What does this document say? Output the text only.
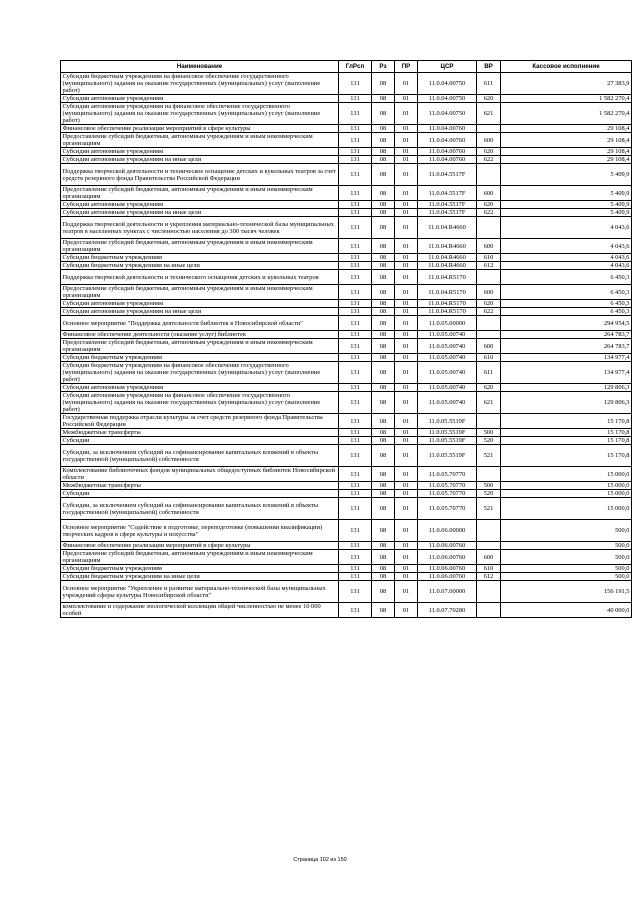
Наименование	ГлРсп	Рз	ПР	ЦСР	ВР	Кассовое исполнение
Субсидии бюджетным учреждениям на финансовое обеспечение государственного (муниципального) задания на оказание государственных (муниципальных) услуг (выполнение работ)	131	08	01	11.0.04.00750	611	27 383,9
Субсидии автономным учреждениям	131	08	01	11.0.04.00750	620	1 582 270,4
Субсидии автономным учреждениям на финансовое обеспечение государственного (муниципального) задания на оказание государственных (муниципальных) услуг (выполнение работ)	131	08	01	11.0.04.00750	621	1 582 270,4
Финансовое обеспечение реализации мероприятий в сфере культуры	131	08	01	11.0.04.00760		29 108,4
Предоставление субсидий бюджетным, автономным учреждениям и иным некоммерческим организациям	131	08	01	11.0.04.00760	600	29 108,4
Субсидии автономным учреждениям	131	08	01	11.0.04.00760	620	29 108,4
Субсидии автономным учреждениям на иные цели	131	08	01	11.0.04.00760	622	29 108,4
Поддержка творческой деятельности и техническое оснащение детских и кукольных театров за счет средств резервного фонда Правительства Российской Федерации	131	08	01	11.0.04.5517F		5 409,9
Предоставление субсидий бюджетным, автономным учреждениям и иным некоммерческим организациям	131	08	01	11.0.04.5517F	600	5 409,9
Субсидии автономным учреждениям	131	08	01	11.0.04.5517F	620	5 409,9
Субсидии автономным учреждениям на иные цели	131	08	01	11.0.04.5517F	622	5 409,9
Поддержка творческой деятельности и укрепления материально-технической базы муниципальных театров в населенных пунктах с численностью населения до 300 тысяч человек	131	08	01	11.0.04.R4660		4 043,6
Предоставление субсидий бюджетным, автономным учреждениям и иным некоммерческим организациям	131	08	01	11.0.04.R4660	600	4 043,6
Субсидии бюджетным учреждениям	131	08	01	11.0.04.R4660	610	4 043,6
Субсидии бюджетным учреждениям на иные цели	131	08	01	11.0.04.R4660	612	4 043,6
Поддержка творческой деятельности и технического оснащения детских и кукольных театров	131	08	01	11.0.04.R5170		6 450,3
Предоставление субсидий бюджетным, автономным учреждениям и иным некоммерческим организациям	131	08	01	11.0.04.R5170	600	6 450,3
Субсидии автономным учреждениям	131	08	01	11.0.04.R5170	620	6 450,3
Субсидии автономным учреждениям на иные цели	131	08	01	11.0.04.R5170	622	6 450,3
Основное мероприятие "Поддержка деятельности библиотек в Новосибирской области"	131	08	01	11.0.05.00000		294 954,5
Финансовое обеспечение деятельности (оказание услуг) библиотек	131	08	01	11.0.05.00740		264 783,7
Предоставление субсидий бюджетным, автономным учреждениям и иным некоммерческим организациям	131	08	01	11.0.05.00740	600	264 783,7
Субсидии бюджетным учреждениям	131	08	01	11.0.05.00740	610	134 977,4
Субсидии бюджетным учреждениям на финансовое обеспечение государственного (муниципального) задания на оказание государственных (муниципальных) услуг (выполнение работ)	131	08	01	11.0.05.00740	611	134 977,4
Субсидии автономным учреждениям	131	08	01	11.0.05.00740	620	129 806,3
Субсидии автономным учреждениям на финансовое обеспечение государственного (муниципального) задания на оказание государственных (муниципальных) услуг (выполнение работ)	131	08	01	11.0.05.00740	621	129 806,3
Государственная поддержка отрасли культуры за счет средств резервного фонда Правительства Российской Федерации	131	08	01	11.0.05.5519F		15 170,8
Межбюджетные трансферты	131	08	01	11.0.05.5519F	500	15 170,8
Субсидии	131	08	01	11.0.05.5519F	520	15 170,8
Субсидии, за исключением субсидий на софинансирование капитальных вложений в объекты государственной (муниципальной) собственности	131	08	01	11.0.05.5519F	521	15 170,8
Комплектование библиотечных фондов муниципальных общедоступных библиотек Новосибирской области	131	08	01	11.0.05.70770		15 000,0
Межбюджетные трансферты	131	08	01	11.0.05.70770	500	15 000,0
Субсидии	131	08	01	11.0.05.70770	520	15 000,0
Субсидии, за исключением субсидий на софинансирование капитальных вложений в объекты государственной (муниципальной) собственности	131	08	01	11.0.05.70770	521	15 000,0
Основное мероприятие "Содействие в подготовке, переподготовке (повышении квалификации) творческих кадров в сфере культуры и искусства"	131	08	01	11.0.06.00000		500,0
Финансовое обеспечение реализации мероприятий в сфере культуры	131	08	01	11.0.06.00760		500,0
Предоставление субсидий бюджетным, автономным учреждениям и иным некоммерческим организациям	131	08	01	11.0.06.00760	600	500,0
Субсидии бюджетным учреждениям	131	08	01	11.0.06.00760	610	500,0
Субсидии бюджетным учреждениям на иные цели	131	08	01	11.0.06.00760	612	500,0
Основное мероприятие "Укрепление и развитие материально-технической базы муниципальных учреждений сферы культуры Новосибирской области"	131	08	01	11.0.07.00000		156 191,5
комплектование и содержание зоологической коллекции общей численностью не менее 10 000 особей	131	08	01	11.0.07.70280		40 000,0
Страница 102 из 150
